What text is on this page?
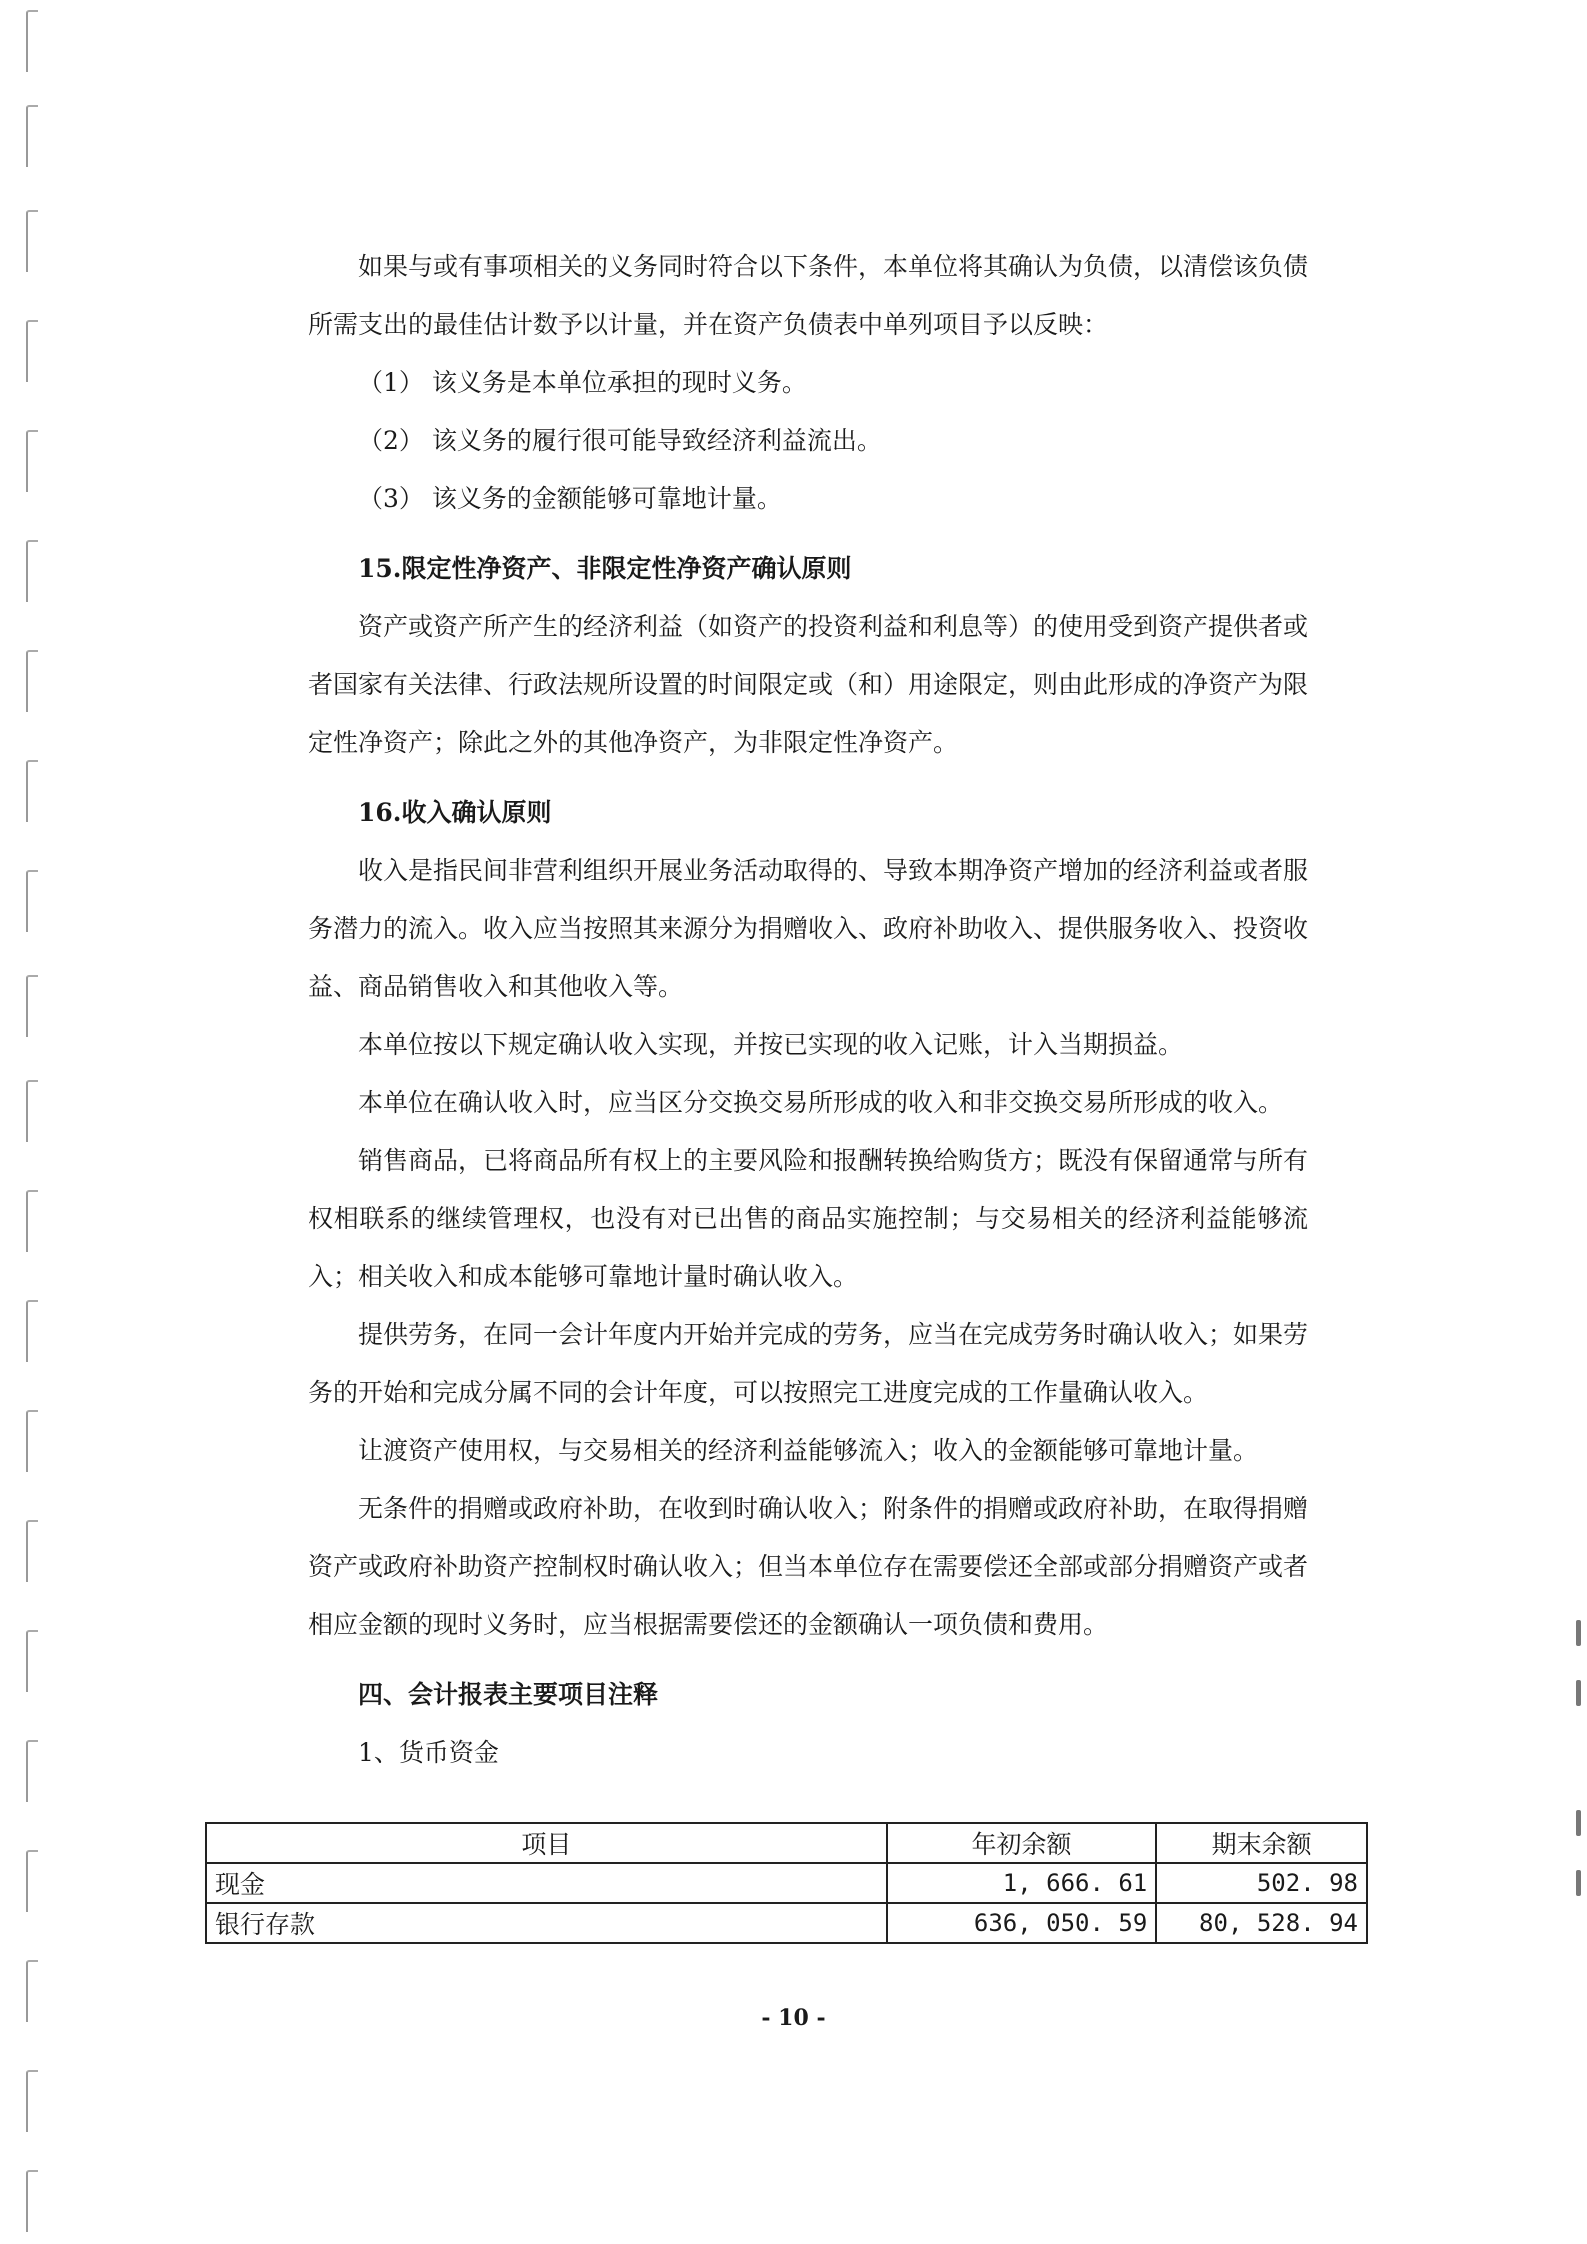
如果与或有事项相关的义务同时符合以下条件，本单位将其确认为负债，以清偿该负债所需支出的最佳估计数予以计量，并在资产负债表中单列项目予以反映：

（1） 该义务是本单位承担的现时义务。

（2） 该义务的履行很可能导致经济利益流出。

（3） 该义务的金额能够可靠地计量。

15.限定性净资产、非限定性净资产确认原则

资产或资产所产生的经济利益（如资产的投资利益和利息等）的使用受到资产提供者或者国家有关法律、行政法规所设置的时间限定或（和）用途限定，则由此形成的净资产为限定性净资产；除此之外的其他净资产，为非限定性净资产。

16.收入确认原则

收入是指民间非营利组织开展业务活动取得的、导致本期净资产增加的经济利益或者服务潜力的流入。收入应当按照其来源分为捐赠收入、政府补助收入、提供服务收入、投资收益、商品销售收入和其他收入等。

本单位按以下规定确认收入实现，并按已实现的收入记账，计入当期损益。

本单位在确认收入时，应当区分交换交易所形成的收入和非交换交易所形成的收入。

销售商品，已将商品所有权上的主要风险和报酬转换给购货方；既没有保留通常与所有权相联系的继续管理权，也没有对已出售的商品实施控制；与交易相关的经济利益能够流入；相关收入和成本能够可靠地计量时确认收入。

提供劳务，在同一会计年度内开始并完成的劳务，应当在完成劳务时确认收入；如果劳务的开始和完成分属不同的会计年度，可以按照完工进度完成的工作量确认收入。

让渡资产使用权，与交易相关的经济利益能够流入；收入的金额能够可靠地计量。

无条件的捐赠或政府补助，在收到时确认收入；附条件的捐赠或政府补助，在取得捐赠资产或政府补助资产控制权时确认收入；但当本单位存在需要偿还全部或部分捐赠资产或者相应金额的现时义务时，应当根据需要偿还的金额确认一项负债和费用。

四、会计报表主要项目注释
1、货币资金
项目	年初余额	期末余额
现金	1, 666. 61	502. 98
银行存款	636, 050. 59	80, 528. 94
- 10 -
